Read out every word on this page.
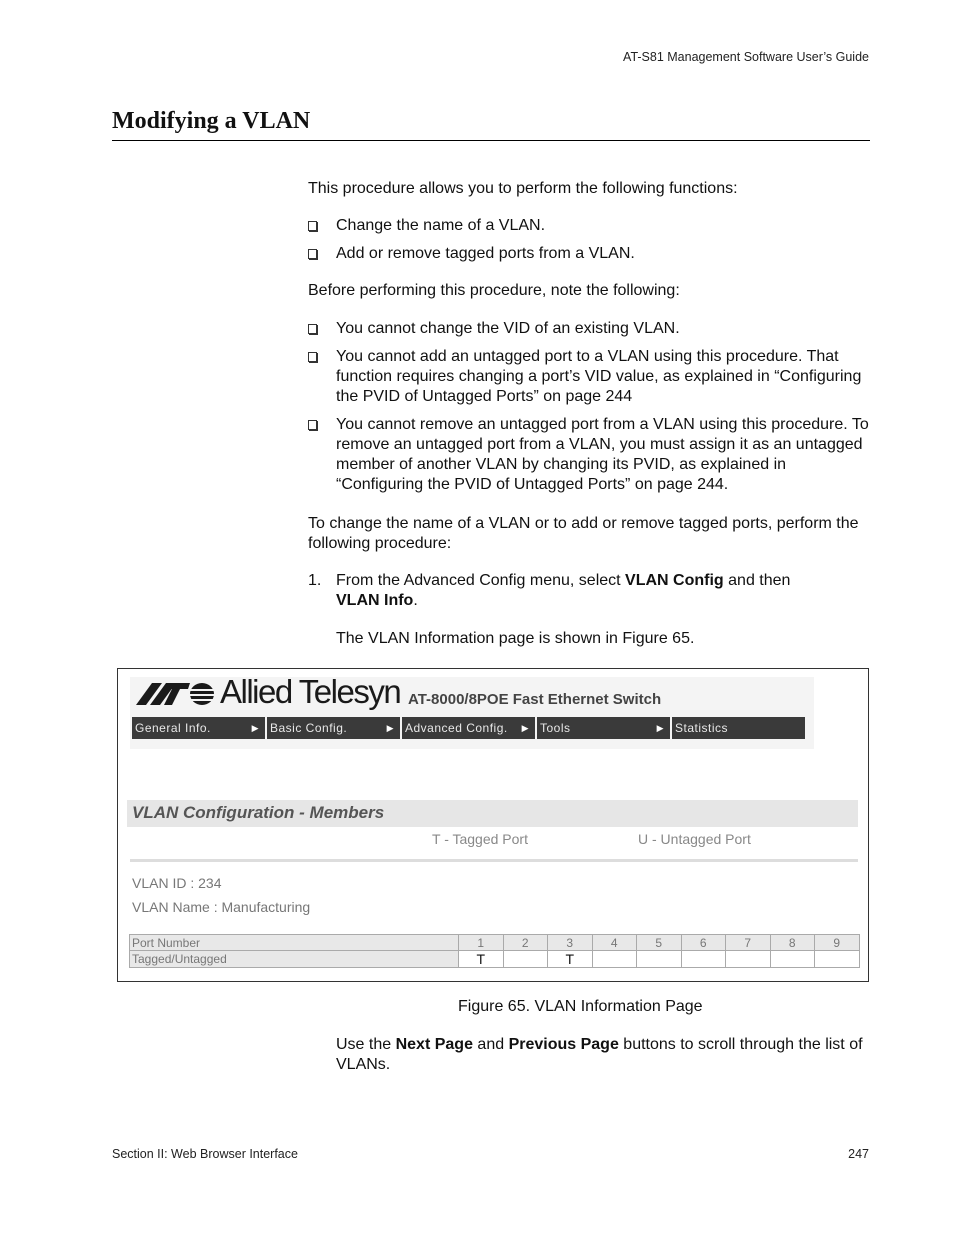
AT-S81 Management Software User’s Guide
Modifying a VLAN
This procedure allows you to perform the following functions:
Change the name of a VLAN.
Add or remove tagged ports from a VLAN.
Before performing this procedure, note the following:
You cannot change the VID of an existing VLAN.
You cannot add an untagged port to a VLAN using this procedure. That function requires changing a port’s VID value, as explained in “Configuring the PVID of Untagged Ports” on page 244
You cannot remove an untagged port from a VLAN using this procedure. To remove an untagged port from a VLAN, you must assign it as an untagged member of another VLAN by changing its PVID, as explained in “Configuring the PVID of Untagged Ports” on page 244.
To change the name of a VLAN or to add or remove tagged ports, perform the following procedure:
1. From the Advanced Config menu, select VLAN Config and then
VLAN Info.
The VLAN Information page is shown in Figure 65.
Allied Telesyn AT-8000/8POE Fast Ethernet Switch
General Info.	▶ Basic Config.	▶ Advanced Config. ▶ Tools	▶ Statistics
VLAN Configuration - Members
T - Tagged Port	U - Untagged Port
VLAN ID : 234
VLAN Name : Manufacturing
Port Number	1	2	3	4	5	6	7	8	9
Tagged/Untagged	T		T						
Figure 65. VLAN Information Page
Use the Next Page and Previous Page buttons to scroll through the list of VLANs.
Section II: Web Browser Interface	247
